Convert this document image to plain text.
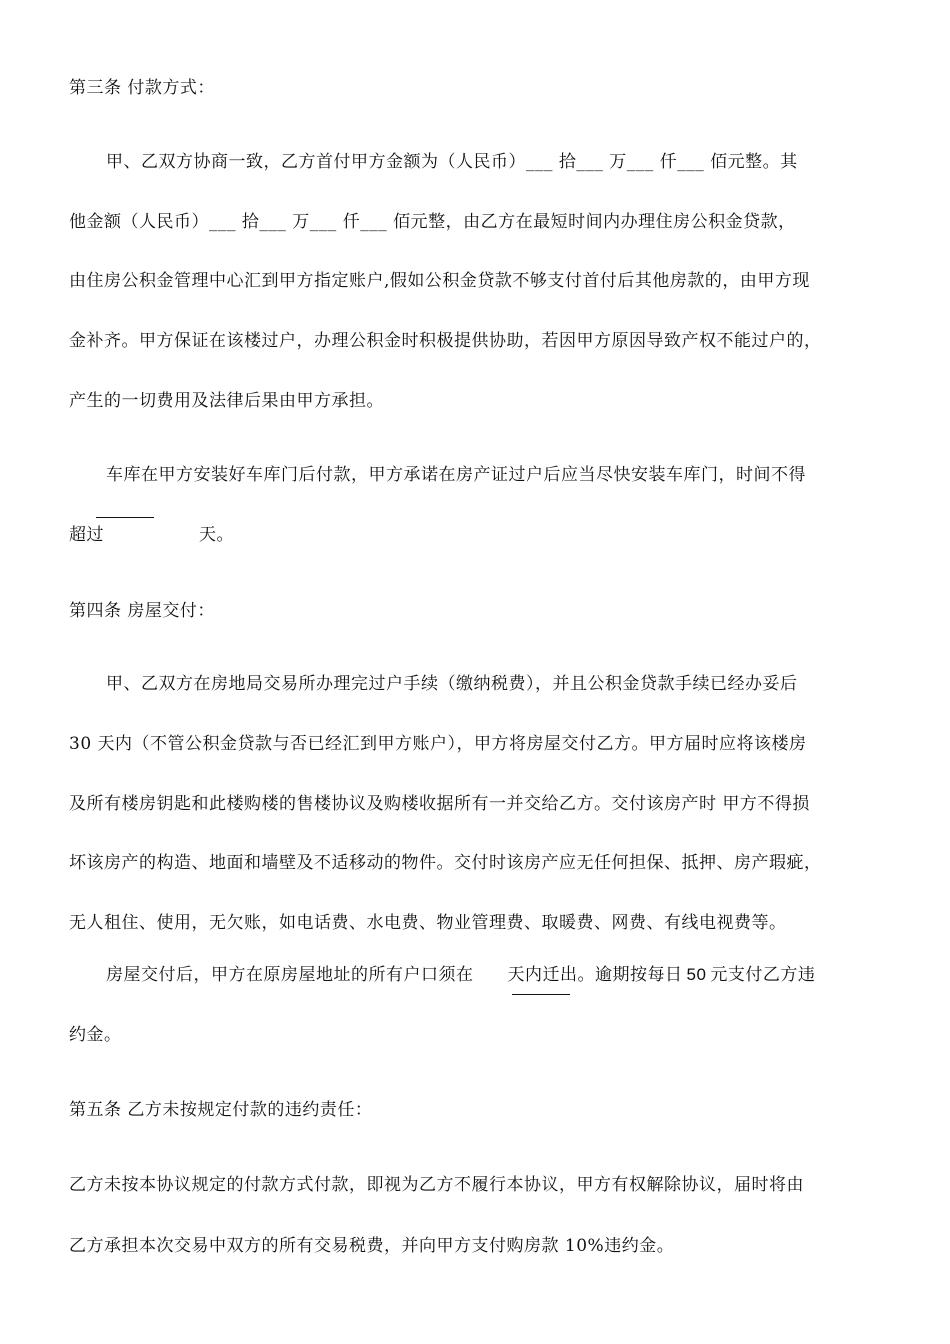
第三条 付款方式：
甲、乙双方协商一致，乙方首付甲方金额为（人民币）___ 拾___ 万___ 仟___ 佰元整。其
他金额（人民币）___ 拾___ 万___ 仟___ 佰元整，由乙方在最短时间内办理住房公积金贷款，
由住房公积金管理中心汇到甲方指定账户,假如公积金贷款不够支付首付后其他房款的，由甲方现
金补齐。甲方保证在该楼过户，办理公积金时积极提供协助，若因甲方原因导致产权不能过户的，
产生的一切费用及法律后果由甲方承担。
车库在甲方安装好车库门后付款，甲方承诺在房产证过户后应当尽快安装车库门，时间不得
超过	天。
第四条 房屋交付：
甲、乙双方在房地局交易所办理完过户手续（缴纳税费），并且公积金贷款手续已经办妥后
30 天内（不管公积金贷款与否已经汇到甲方账户），甲方将房屋交付乙方。甲方届时应将该楼房
及所有楼房钥匙和此楼购楼的售楼协议及购楼收据所有一并交给乙方。交付该房产时 甲方不得损
坏该房产的构造、地面和墙壁及不适移动的物件。交付时该房产应无任何担保、抵押、房产瑕疵，
无人租住、使用，无欠账，如电话费、水电费、物业管理费、取暖费、网费、有线电视费等。
房屋交付后，甲方在原房屋地址的所有户口须在 天内迁出。逾期按每日 50 元支付乙方违
约金。
第五条 乙方未按规定付款的违约责任：
乙方未按本协议规定的付款方式付款，即视为乙方不履行本协议，甲方有权解除协议，届时将由
乙方承担本次交易中双方的所有交易税费，并向甲方支付购房款 10%违约金。
